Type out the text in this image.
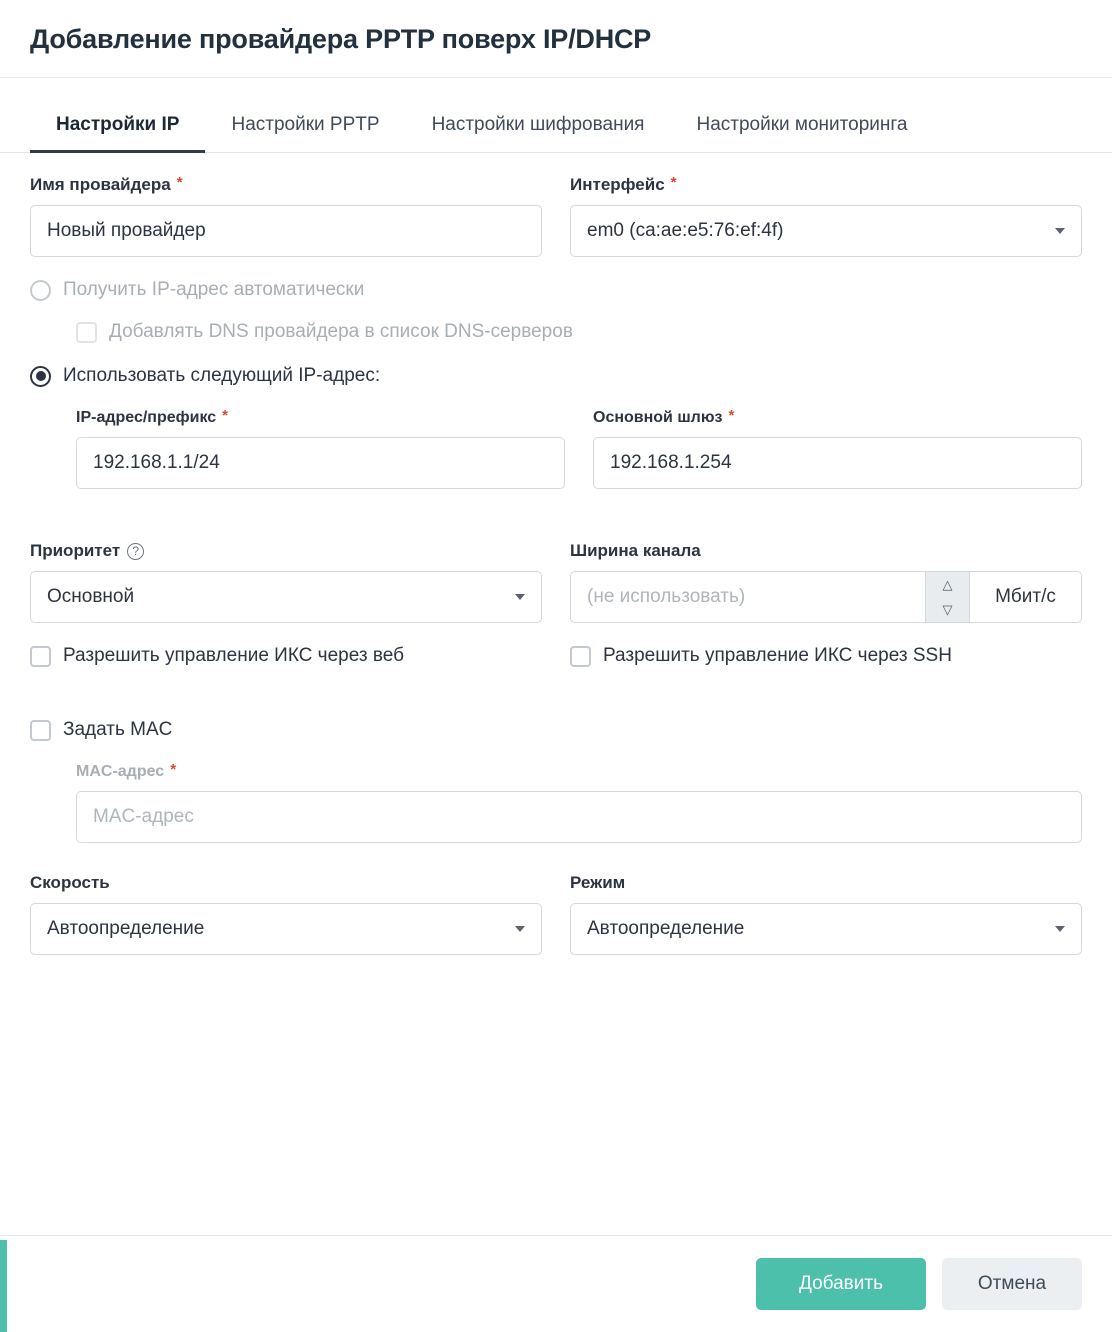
Добавление провайдера PPTP поверх IP/DHCP
Настройки IP	Настройки PPTP	Настройки шифрования	Настройки мониторинга
Имя провайдера *
Новый провайдер
Интерфейс *
em0 (ca:ae:e5:76:ef:4f)
Получить IP-адрес автоматически
Добавлять DNS провайдера в список DNS-серверов
Использовать следующий IP-адрес:
IP-адрес/префикс *
192.168.1.1/24
Основной шлюз *
192.168.1.254
Приоритет	?
Основной
Ширина канала
(не использовать)
△
▽
Мбит/с
Разрешить управление ИКС через веб	Разрешить управление ИКС через SSH
Задать MAC
MAC-адрес *
MAC-адрес
Скорость
Автоопределение
Режим
Автоопределение
Добавить	Отмена
